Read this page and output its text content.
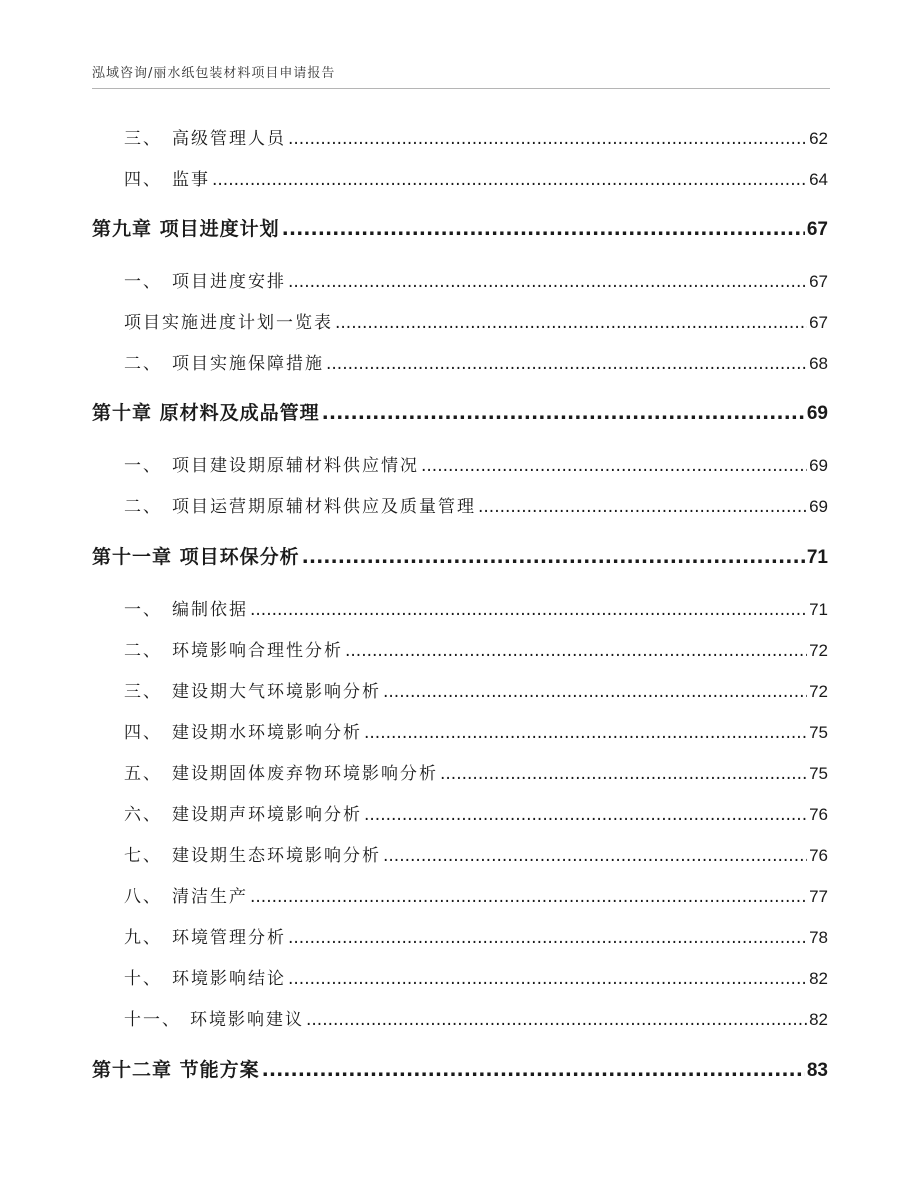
泓域咨询/丽水纸包装材料项目申请报告
三、 高级管理人员 .....	62
四、 监事 .....	64
第九章 项目进度计划 .....	67
一、 项目进度安排 .....	67
项目实施进度计划一览表 .....	67
二、 项目实施保障措施 .....	68
第十章 原材料及成品管理 .....	69
一、 项目建设期原辅材料供应情况 .....	69
二、 项目运营期原辅材料供应及质量管理 .....	69
第十一章 项目环保分析 .....	71
一、 编制依据 .....	71
二、 环境影响合理性分析 .....	72
三、 建设期大气环境影响分析 .....	72
四、 建设期水环境影响分析 .....	75
五、 建设期固体废弃物环境影响分析 .....	75
六、 建设期声环境影响分析 .....	76
七、 建设期生态环境影响分析 .....	76
八、 清洁生产 .....	77
九、 环境管理分析 .....	78
十、 环境影响结论 .....	82
十一、 环境影响建议 .....	82
第十二章 节能方案 .....	83
